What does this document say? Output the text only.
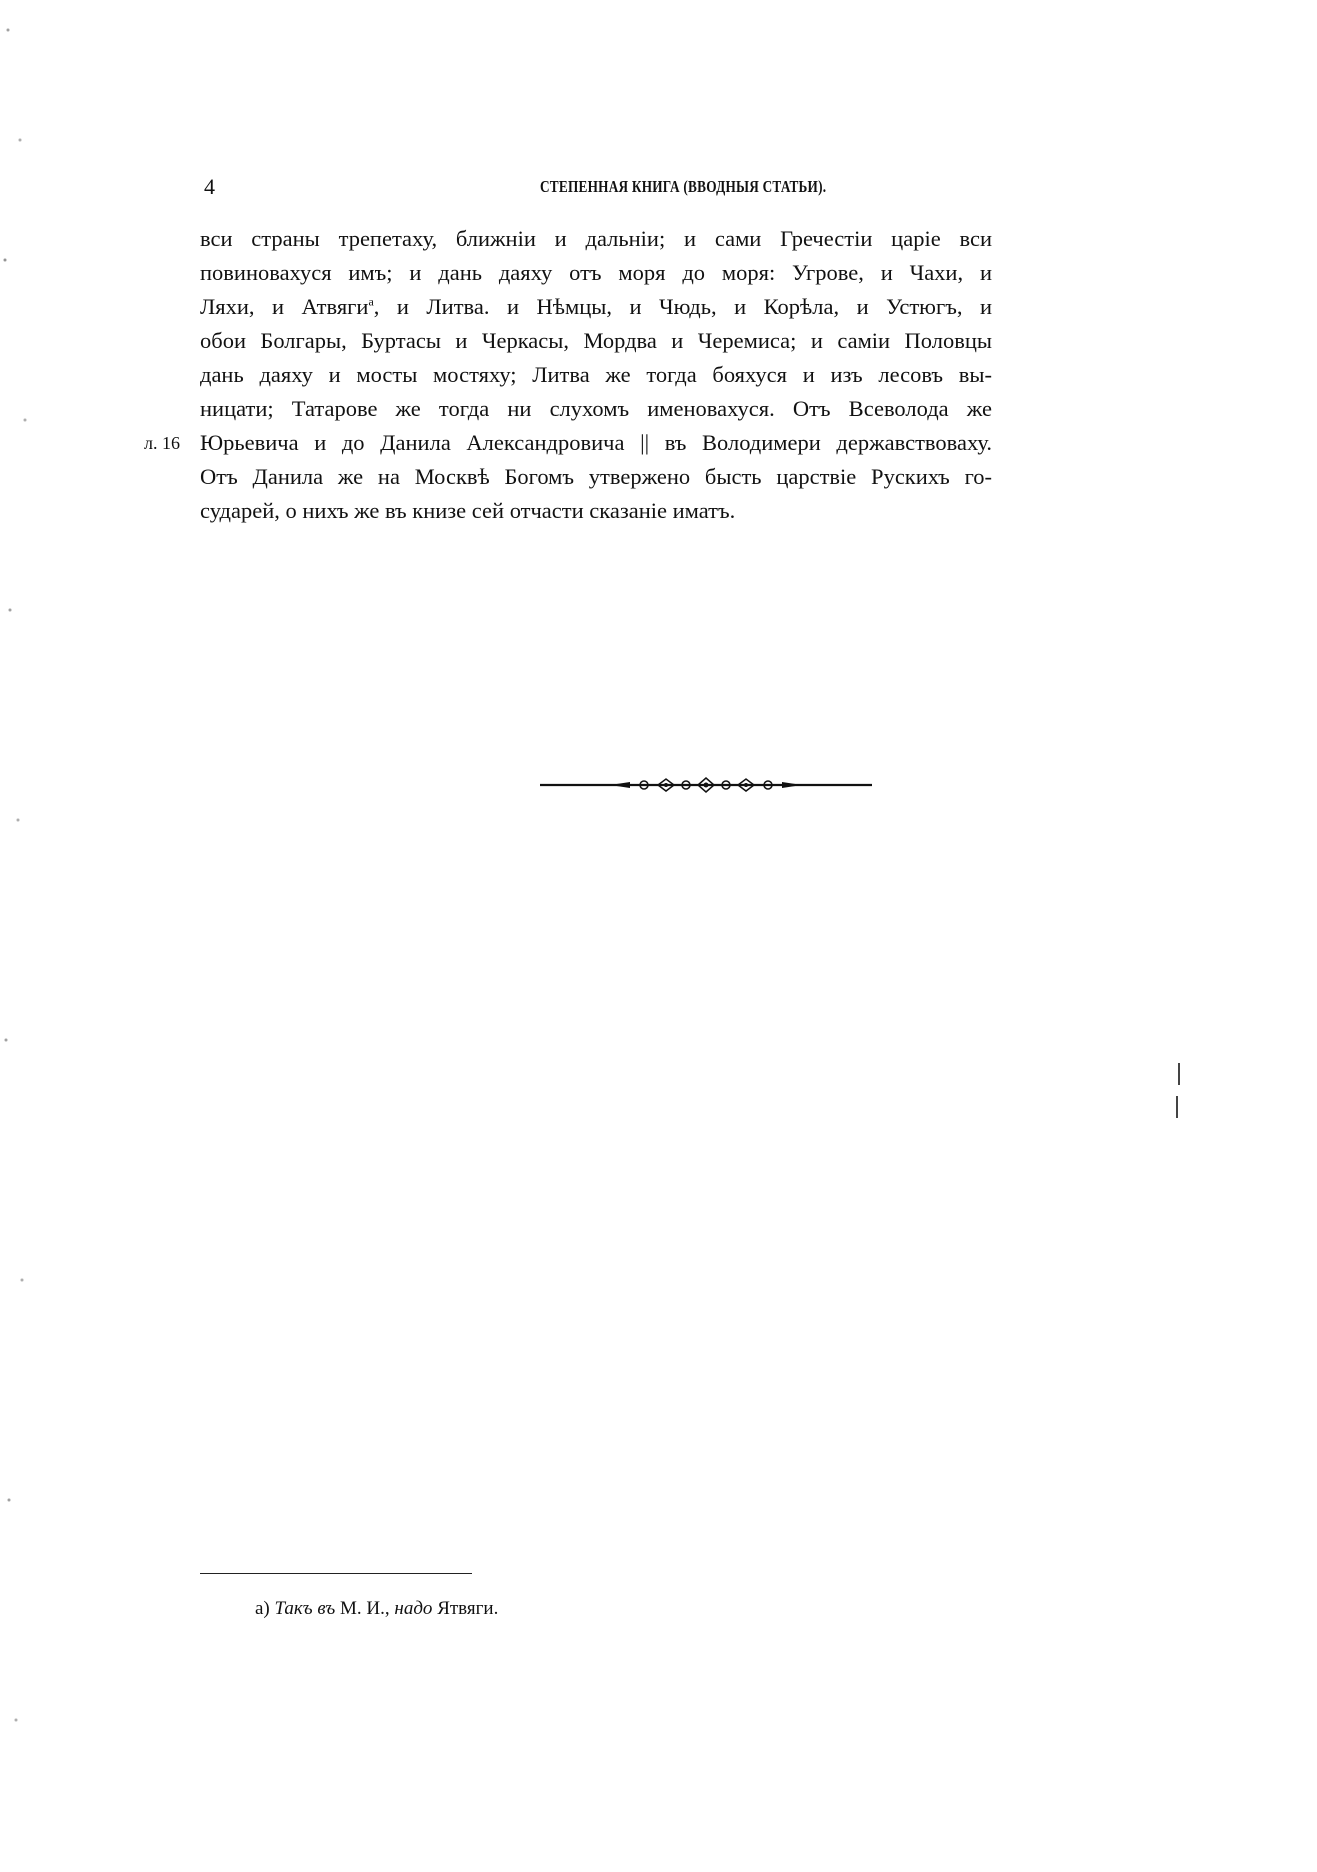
4	СТЕПЕННАЯ КНИГА (ВВОДНЫЯ СТАТЬИ).
вси страны трепетаху, ближнiи и дальнiи; и сами Гречестiи царiе вси
повиновахуся имъ; и дань даяху отъ моря до моря: Угрове, и Чахи, и
Ляхи, и Атвяги$^а$, и Литва. и Нѣмцы, и Чюдь, и Корѣла, и Устюгъ, и
обои Болгары, Буртасы и Черкасы, Мордва и Черемиса; и самiи Половцы
дань даяху и мосты мостяху; Литва же тогда бояхуся и изъ лесовъ вы-
ницати; Татарове же тогда ни слухомъ именовахуся. Отъ Всеволода же
л. 16 Юрьевича и до Данила Александровича || въ Володимери державствоваху.
Отъ Данила же на Москвѣ Богомъ утвержено бысть царствiе Рускихъ го-
сударей, о нихъ же въ книзе сей отчасти сказанiе иматъ.
а) Такъ въ М. И., надо Ятвяги.
